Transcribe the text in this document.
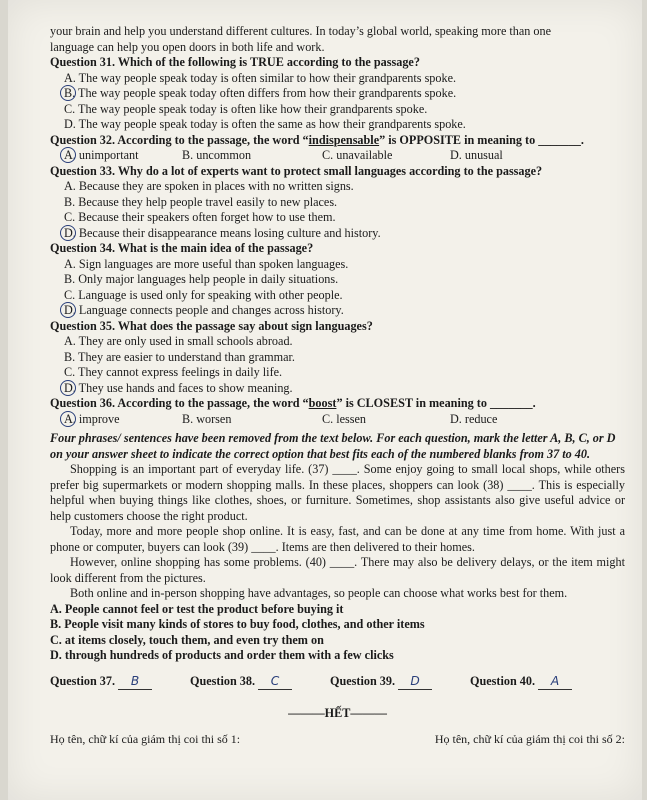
your brain and help you understand different cultures. In today’s global world, speaking more than one

language can help you open doors in both life and work.

Question 31. Which of the following is TRUE according to the passage?

A. The way people speak today is often similar to how their grandparents spoke.

B. The way people speak today often differs from how their grandparents spoke.

C. The way people speak today is often like how their grandparents spoke.

D. The way people speak today is often the same as how their grandparents spoke.

Question 32. According to the passage, the word “indispensable” is OPPOSITE in meaning to _______.

A. unimportant	B. uncommon	C. unavailable	D. unusual

Question 33. Why do a lot of experts want to protect small languages according to the passage?

A. Because they are spoken in places with no written signs.

B. Because they help people travel easily to new places.

C. Because their speakers often forget how to use them.

D. Because their disappearance means losing culture and history.

Question 34. What is the main idea of the passage?

A. Sign languages are more useful than spoken languages.

B. Only major languages help people in daily situations.

C. Language is used only for speaking with other people.

D. Language connects people and changes across history.

Question 35. What does the passage say about sign languages?

A. They are only used in small schools abroad.

B. They are easier to understand than grammar.

C. They cannot express feelings in daily life.

D. They use hands and faces to show meaning.

Question 36. According to the passage, the word “boost” is CLOSEST in meaning to _______.

A. improve	B. worsen	C. lessen	D. reduce

Four phrases/ sentences have been removed from the text below. For each question, mark the letter A, B, C, or D on your answer sheet to indicate the correct option that best fits each of the numbered blanks from 37 to 40.

Shopping is an important part of everyday life. (37) ____. Some enjoy going to small local shops, while others prefer big supermarkets or modern shopping malls. In these places, shoppers can look (38) ____. This is especially helpful when buying things like clothes, shoes, or furniture. Sometimes, shop assistants also give useful advice or help customers choose the right product.

Today, more and more people shop online. It is easy, fast, and can be done at any time from home. With just a phone or computer, buyers can look (39) ____. Items are then delivered to their homes.

However, online shopping has some problems. (40) ____. There may also be delivery delays, or the item might look different from the pictures.

Both online and in-person shopping have advantages, so people can choose what works best for them.

A. People cannot feel or test the product before buying it

B. People visit many kinds of stores to buy food, clothes, and other items

C. at items closely, touch them, and even try them on

D. through hundreds of products and order them with a few clicks

Question 37. B	Question 38. C	Question 39. D	Question 40. A

———HẾT———

Họ tên, chữ kí của giám thị coi thi số 1:	Họ tên, chữ kí của giám thị coi thi số 2:
